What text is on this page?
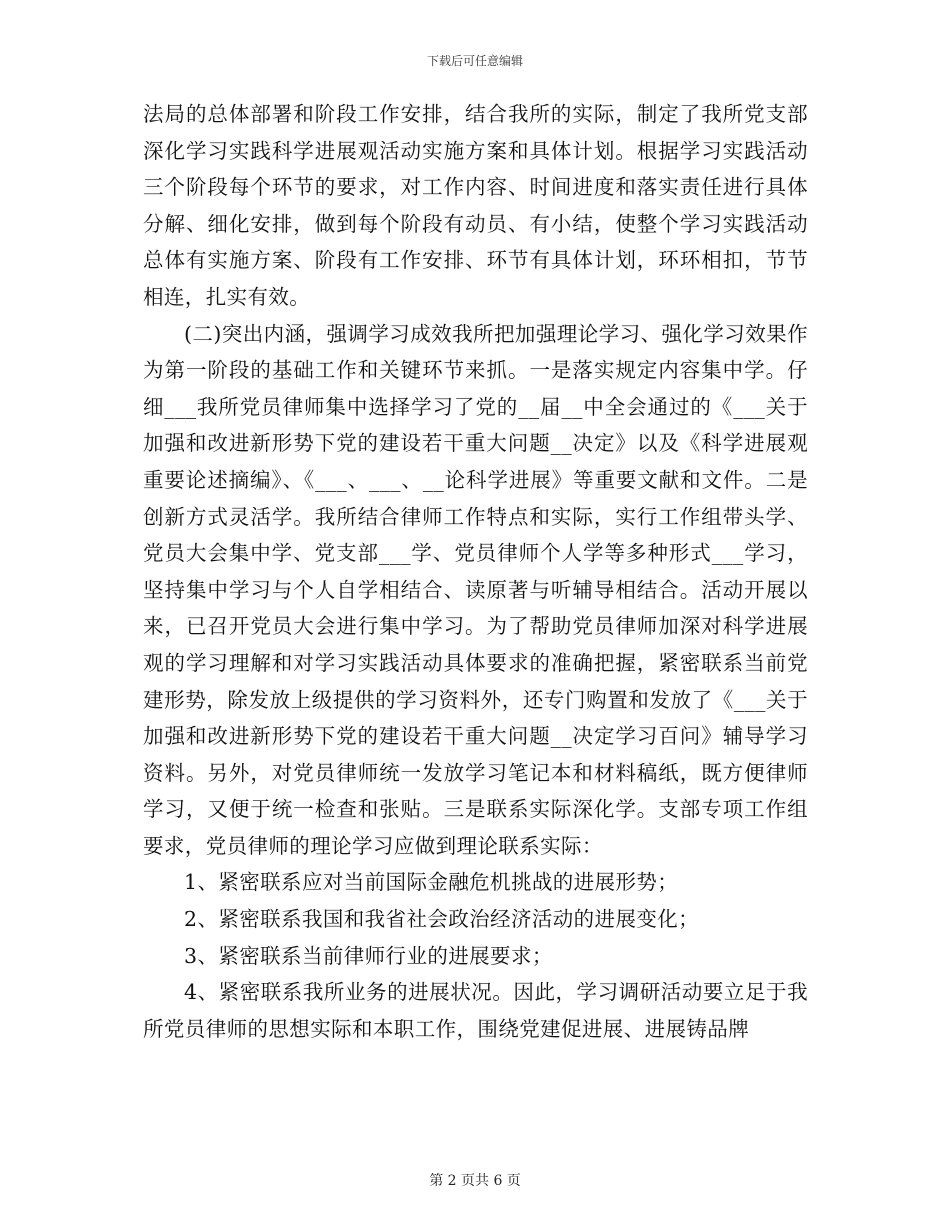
下载后可任意编辑

法局的总体部署和阶段工作安排，结合我所的实际，制定了我所党支部深化学习实践科学进展观活动实施方案和具体计划。根据学习实践活动三个阶段每个环节的要求，对工作内容、时间进度和落实责任进行具体分解、细化安排，做到每个阶段有动员、有小结，使整个学习实践活动总体有实施方案、阶段有工作安排、环节有具体计划，环环相扣，节节相连，扎实有效。

(二)突出内涵，强调学习成效我所把加强理论学习、强化学习效果作为第一阶段的基础工作和关键环节来抓。一是落实规定内容集中学。仔细___我所党员律师集中选择学习了党的__届__中全会通过的《___关于加强和改进新形势下党的建设若干重大问题__决定》以及《科学进展观重要论述摘编》、《___、___、__论科学进展》等重要文献和文件。二是创新方式灵活学。我所结合律师工作特点和实际，实行工作组带头学、党员大会集中学、党支部___学、党员律师个人学等多种形式___学习，坚持集中学习与个人自学相结合、读原著与听辅导相结合。活动开展以来，已召开党员大会进行集中学习。为了帮助党员律师加深对科学进展观的学习理解和对学习实践活动具体要求的准确把握，紧密联系当前党建形势，除发放上级提供的学习资料外，还专门购置和发放了《___关于加强和改进新形势下党的建设若干重大问题__决定学习百问》辅导学习资料。另外，对党员律师统一发放学习笔记本和材料稿纸，既方便律师学习，又便于统一检查和张贴。三是联系实际深化学。支部专项工作组要求，党员律师的理论学习应做到理论联系实际：

1、紧密联系应对当前国际金融危机挑战的进展形势；

2、紧密联系我国和我省社会政治经济活动的进展变化；

3、紧密联系当前律师行业的进展要求；

4、紧密联系我所业务的进展状况。因此，学习调研活动要立足于我所党员律师的思想实际和本职工作，围绕党建促进展、进展铸品牌

第 2 页共 6 页
